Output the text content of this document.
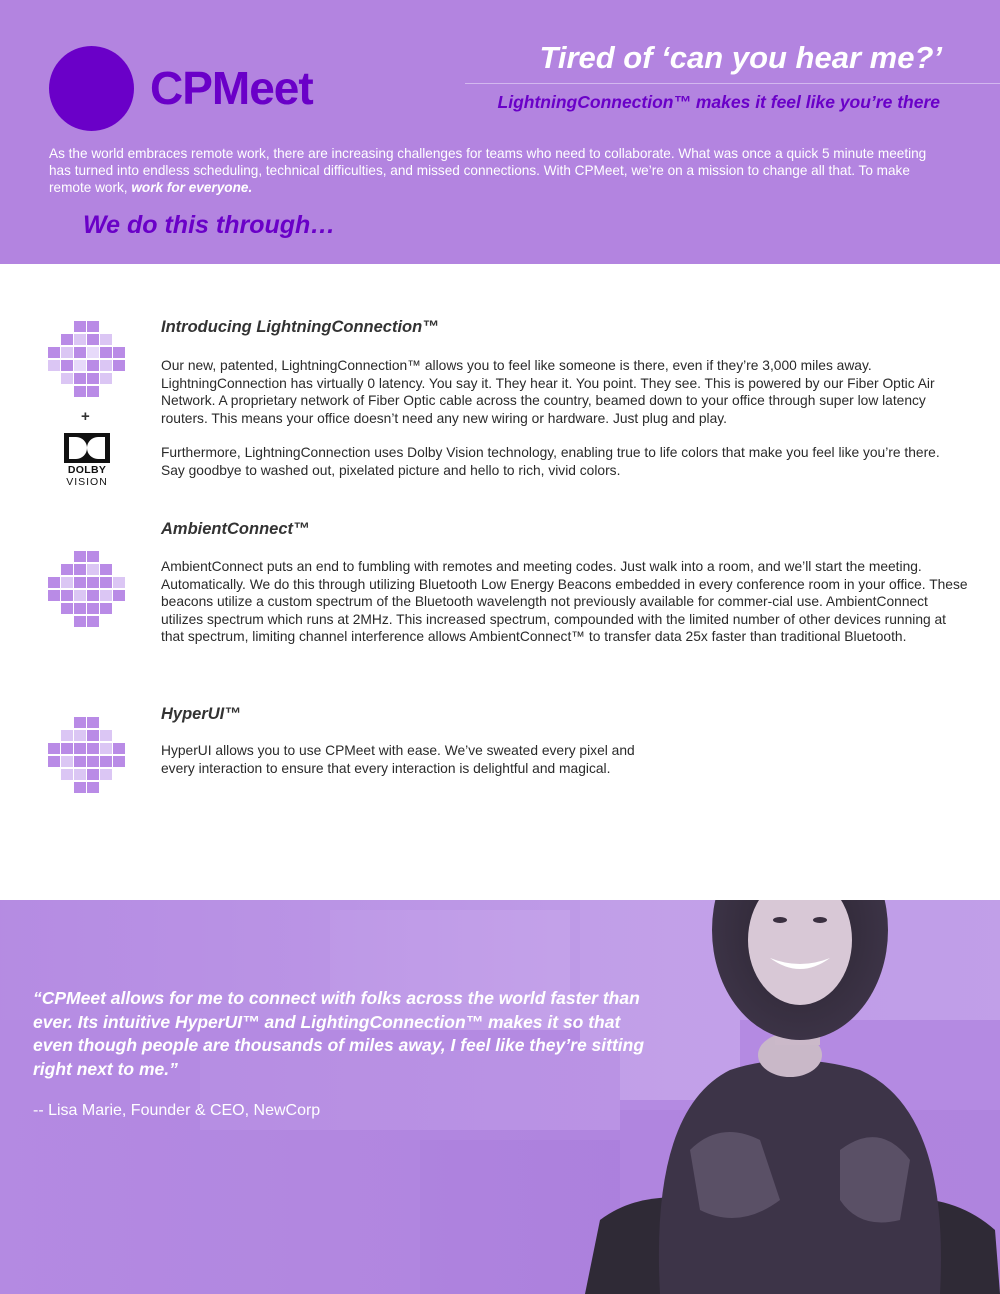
CPMeet
Tired of ‘can you hear me?’
LightningConnection™ makes it feel like you’re there
As the world embraces remote work, there are increasing challenges for teams who need to collaborate. What was once a quick 5 minute meeting has turned into endless scheduling, technical difficulties, and missed connections. With CPMeet, we’re on a mission to change all that. To make remote work, work for everyone.
We do this through…
+
DOLBY
VISION
Introducing LightningConnection™
Our new, patented, LightningConnection™ allows you to feel like someone is there, even if they’re 3,000 miles away. LightningConnection has virtually 0 latency. You say it. They hear it. You point. They see. This is powered by our Fiber Optic Air Network. A proprietary network of Fiber Optic cable across the country, beamed down to your office through super low latency routers. This means your office doesn’t need any new wiring or hardware. Just plug and play.
Furthermore, LightningConnection uses Dolby Vision technology, enabling true to life colors that make you feel like you’re there. Say goodbye to washed out, pixelated picture and hello to rich, vivid colors.
AmbientConnect™
AmbientConnect puts an end to fumbling with remotes and meeting codes. Just walk into a room, and we’ll start the meeting. Automatically. We do this through utilizing Bluetooth Low Energy Beacons embedded in every conference room in your office. These beacons utilize a custom spectrum of the Bluetooth wavelength not previously available for commer-cial use. AmbientConnect utilizes spectrum which runs at 2MHz. This increased spectrum, compounded with the limited number of other devices running at that spectrum, limiting channel interference allows AmbientConnect™ to transfer data 25x faster than traditional Bluetooth.
HyperUI™
HyperUI allows you to use CPMeet with ease. We’ve sweated every pixel and every interaction to ensure that every interaction is delightful and magical.
“CPMeet allows for me to connect with folks across the world faster than ever. Its intuitive HyperUI™ and LightingConnection™ makes it so that even though people are thousands of miles away, I feel like they’re sitting right next to me.”
-- Lisa Marie, Founder & CEO, NewCorp
